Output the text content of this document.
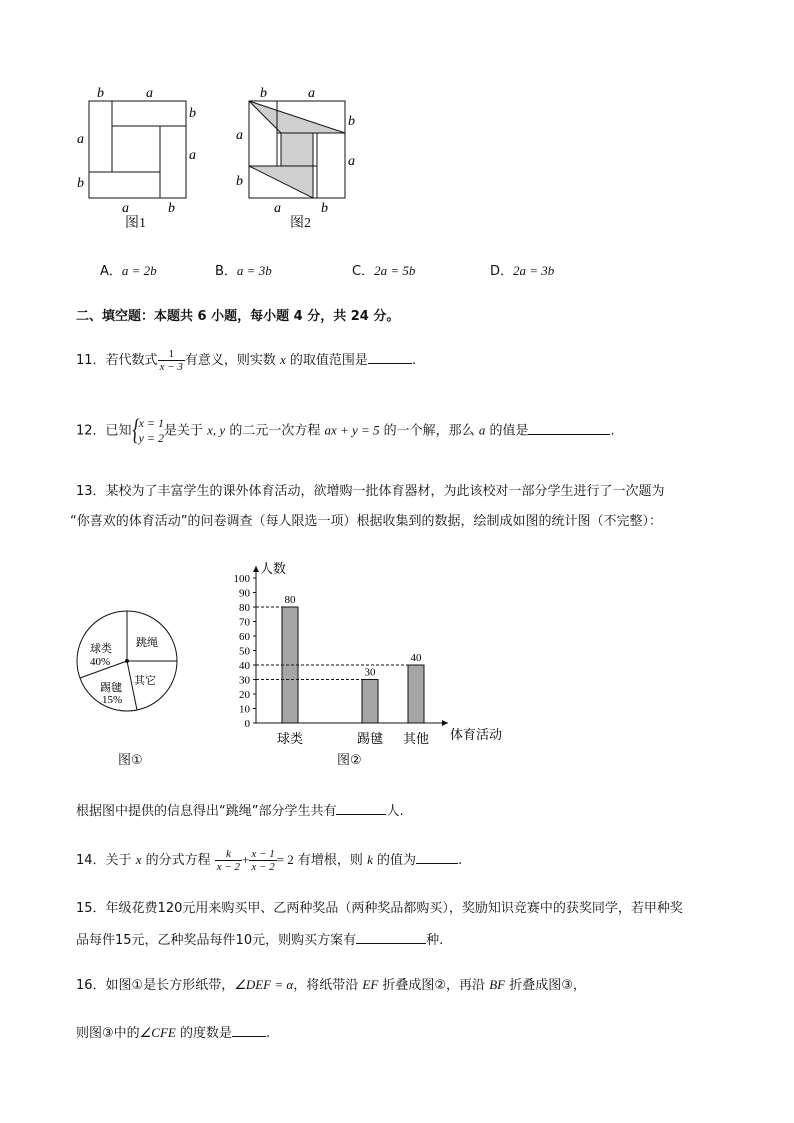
b	a
b
a
a
b
a	b
图1
b	a
b
a
a
b
a	b
图2
A．a = 2b	B．a = 3b	C．2a = 5b	D．2a = 3b
二、填空题：本题共 6 小题，每小题 4 分，共 24 分。
11．若代数式 $\frac{1}{x - 3}$ 有意义，则实数 x 的取值范围是	.
12．已知 { x = 1
y = 2 是关于 x, y 的二元一次方程 ax + y = 5 的一个解，那么 a 的值是	.
13．某校为了丰富学生的课外体育活动，欲增购一批体育器材，为此该校对一部分学生进行了一次题为
“你喜欢的体育活动”的问卷调查（每人限选一项）根据收集到的数据，绘制成如图的统计图（不完整）：
球类
40%
跳绳
其它
踢毽
15%
图①
0
10
20
30
40
50
60
70
80
90
100
人数
体育活动
80
球类
30
踢毽
40
其他
图②
根据图中提供的信息得出“跳绳”部分学生共有	人.
14．关于 x 的分式方程 $\frac{k}{x - 2} + \frac{x - 1}{x - 2} = 2$ 有增根，则 k 的值为	.
15．年级花费120元用来购买甲、乙两种奖品（两种奖品都购买），奖励知识竞赛中的获奖同学，若甲种奖
品每件15元，乙种奖品每件10元，则购买方案有	种.
16．如图①是长方形纸带，∠DEF = α，将纸带沿 EF 折叠成图②，再沿 BF 折叠成图③，
则图③中的∠CFE 的度数是	.
